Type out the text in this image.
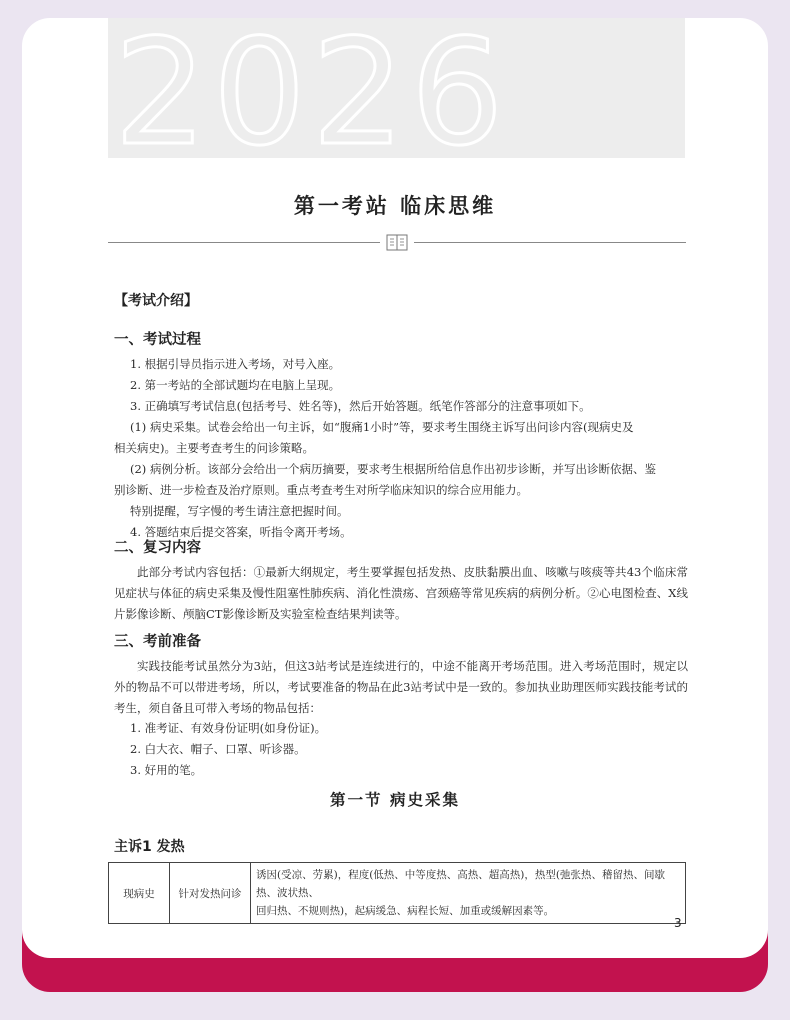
2026
第一考站 临床思维
【考试介绍】
一、考试过程
1. 根据引导员指示进入考场，对号入座。
2. 第一考站的全部试题均在电脑上呈现。
3. 正确填写考试信息(包括考号、姓名等)，然后开始答题。纸笔作答部分的注意事项如下。
(1) 病史采集。试卷会给出一句主诉，如“腹痛1小时”等，要求考生围绕主诉写出问诊内容(现病史及
相关病史)。主要考查考生的问诊策略。
(2) 病例分析。该部分会给出一个病历摘要，要求考生根据所给信息作出初步诊断，并写出诊断依据、鉴
别诊断、进一步检查及治疗原则。重点考查考生对所学临床知识的综合应用能力。
特别提醒，写字慢的考生请注意把握时间。
4. 答题结束后提交答案，听指令离开考场。
二、复习内容
此部分考试内容包括：①最新大纲规定，考生要掌握包括发热、皮肤黏膜出血、咳嗽与咳痰等共43个临床常见症状与体征的病史采集及慢性阻塞性肺疾病、消化性溃疡、宫颈癌等常见疾病的病例分析。②心电图检查、X线片影像诊断、颅脑CT影像诊断及实验室检查结果判读等。
三、考前准备
实践技能考试虽然分为3站，但这3站考试是连续进行的，中途不能离开考场范围。进入考场范围时，规定以外的物品不可以带进考场，所以，考试要准备的物品在此3站考试中是一致的。参加执业助理医师实践技能考试的考生，须自备且可带入考场的物品包括：
1. 准考证、有效身份证明(如身份证)。
2. 白大衣、帽子、口罩、听诊器。
3. 好用的笔。
第一节 病史采集
主诉1 发热
现病史	针对发热问诊	
诱因(受凉、劳累)，程度(低热、中等度热、高热、超高热)，热型(弛张热、稽留热、间歇热、波状热、
回归热、不规则热)，起病缓急、病程长短、加重或缓解因素等。
3
